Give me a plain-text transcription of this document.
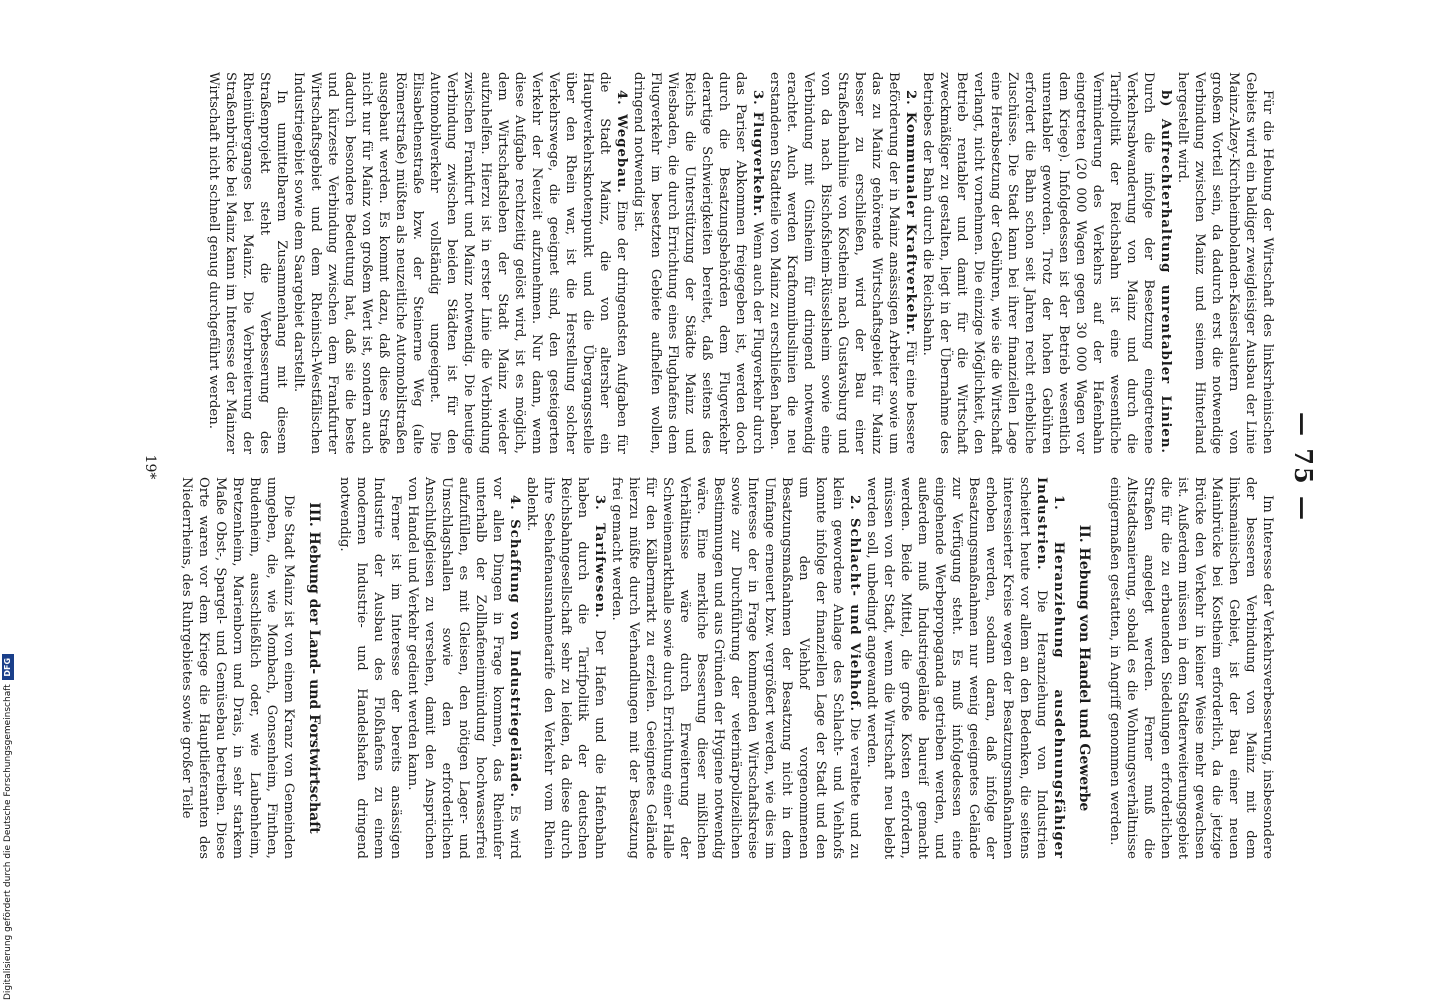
— 75 —

Für die Hebung der Wirtschaft des linksrheinischen Gebiets wird ein baldiger zweigleisiger Ausbau der Linie Mainz-Alzey-Kirchheimbolanden-Kaiserslautern von großem Vorteil sein, da dadurch erst die notwendige Verbindung zwischen Mainz und seinem Hinterland hergestellt wird.

b) Aufrechterhaltung unrentabler Linien. Durch die infolge der Besetzung eingetretene Verkehrsabwanderung von Mainz und durch die Tarifpolitik der Reichsbahn ist eine wesentliche Verminderung des Verkehrs auf der Hafenbahn eingetreten (20 000 Wagen gegen 30 000 Wagen vor dem Kriege). Infolgedessen ist der Betrieb wesentlich unrentabler geworden. Trotz der hohen Gebühren erfordert die Bahn schon seit Jahren recht erhebliche Zuschüsse. Die Stadt kann bei ihrer finanziellen Lage eine Herabsetzung der Gebühren, wie sie die Wirtschaft verlangt, nicht vornehmen. Die einzige Möglichkeit, den Betrieb rentabler und damit für die Wirtschaft zweckmäßiger zu gestalten, liegt in der Übernahme des Betriebes der Bahn durch die Reichsbahn.

2. Kommunaler Kraftverkehr. Für eine bessere Beförderung der in Mainz ansässigen Arbeiter sowie um das zu Mainz gehörende Wirtschaftsgebiet für Mainz besser zu erschließen, wird der Bau einer Straßenbahnlinie von Kostheim nach Gustavsburg und von da nach Bischofsheim-Rüsselsheim sowie eine Verbindung mit Ginsheim für dringend notwendig erachtet. Auch werden Kraftomnibuslinien die neu erstandenen Stadtteile von Mainz zu erschließen haben.

3. Flugverkehr. Wenn auch der Flugverkehr durch das Pariser Abkommen freigegeben ist, werden doch durch die Besatzungsbehörden dem Flugverkehr derartige Schwierigkeiten bereitet, daß seitens des Reichs die Unterstützung der Städte Mainz und Wiesbaden, die durch Errichtung eines Flughafens dem Flugverkehr im besetzten Gebiete aufhelfen wollen, dringend notwendig ist.

4. Wegebau. Eine der dringendsten Aufgaben für die Stadt Mainz, die von altersher ein Hauptverkehrsknotenpunkt und die Übergangsstelle über den Rhein war, ist die Herstellung solcher Verkehrswege, die geeignet sind, den gesteigerten Verkehr der Neuzeit aufzunehmen. Nur dann, wenn diese Aufgabe rechtzeitig gelöst wird, ist es möglich, dem Wirtschaftsleben der Stadt Mainz wieder aufzuhelfen. Hierzu ist in erster Linie die Verbindung zwischen Frankfurt und Mainz notwendig. Die heutige Verbindung zwischen beiden Städten ist für den Automobilverkehr vollständig ungeeignet. Die Elisabethenstraße bzw. der Steinerne Weg (alte Römerstraße) müßten als neuzeitliche Automobilstraßen ausgebaut werden. Es kommt dazu, daß diese Straße nicht nur für Mainz von großem Wert ist, sondern auch dadurch besondere Bedeutung hat, daß sie die beste und kürzeste Verbindung zwischen dem Frankfurter Wirtschaftsgebiet und dem Rheinisch-Westfälischen Industriegebiet sowie dem Saargebiet darstellt.

In unmittelbarem Zusammenhang mit diesem Straßenprojekt steht die Verbesserung des Rheinüberganges bei Mainz. Die Verbreiterung der Straßenbrücke bei Mainz kann im Interesse der Mainzer Wirtschaft nicht schnell genug durchgeführt werden.

Im Interesse der Verkehrsverbesserung, insbesondere der besseren Verbindung von Mainz mit dem linksmainischen Gebiet, ist der Bau einer neuen Mainbrücke bei Kostheim erforderlich, da die jetzige Brücke den Verkehr in keiner Weise mehr gewachsen ist. Außerdem müssen in dem Stadterweiterungsgebiet die für die zu erbauenden Siedelungen erforderlichen Straßen angelegt werden. Ferner muß die Altstadtsanierung, sobald es die Wohnungsverhältnisse einigermaßen gestatten, in Angriff genommen werden.

II. Hebung von Handel und Gewerbe

1. Heranziehung ausdehnungsfähiger Industrien. Die Heranziehung von Industrien scheitert heute vor allem an den Bedenken, die seitens interessierter Kreise wegen der Besatzungsmaßnahmen erhoben werden, sodann daran, daß infolge der Besatzungsmaßnahmen nur wenig geeignetes Gelände zur Verfügung steht. Es muß infolgedessen eine eingehende Werbepropaganda getrieben werden, und außerdem muß Industriegelände baureif gemacht werden. Beide Mittel, die große Kosten erfordern, müssen von der Stadt, wenn die Wirtschaft neu belebt werden soll, unbedingt angewandt werden.

2. Schlacht- und Viehhof. Die veraltete und zu klein gewordene Anlage des Schlacht- und Viehhofs konnte infolge der finanziellen Lage der Stadt und den um den Viehhof vorgenommenen Besatzungsmaßnahmen der Besatzung nicht in dem Umfange erneuert bzw. vergrößert werden, wie dies im Interesse der in Frage kommenden Wirtschaftskreise sowie zur Durchführung der veterinärpolizeilichen Bestimmungen und aus Gründen der Hygiene notwendig wäre. Eine merkliche Besserung dieser mißlichen Verhältnisse wäre durch Erweiterung der Schweinemarkthalle sowie durch Errichtung einer Halle für den Kälbermarkt zu erzielen. Geeignetes Gelände hierzu müßte durch Verhandlungen mit der Besatzung frei gemacht werden.

3. Tarifwesen. Der Hafen und die Hafenbahn haben durch die Tarifpolitik der deutschen Reichsbahngesellschaft sehr zu leiden, da diese durch ihre Seehafenausnahmetarife den Verkehr vom Rhein ablenkt.

4. Schaffung von Industriegelände. Es wird vor allen Dingen in Frage kommen, das Rheinufer unterhalb der Zollhafeneinmündung hochwasserfrei aufzufüllen, es mit Gleisen, den nötigen Lager- und Umschlagshallen sowie den erforderlichen Anschlußgleisen zu versehen, damit den Ansprüchen von Handel und Verkehr gedient werden kann.

Ferner ist im Interesse der bereits ansässigen Industrie der Ausbau des Floßhafens zu einem modernen Industrie- und Handelshafen dringend notwendig.

III. Hebung der Land- und Forstwirtschaft

Die Stadt Mainz ist von einem Kranz von Gemeinden umgeben, die, wie Mombach, Gonsenheim, Finthen, Budenheim, ausschließlich oder, wie Laubenheim, Bretzenheim, Marienborn und Drais, in sehr starkem Maße Obst-, Spargel- und Gemüsebau betreiben. Diese Orte waren vor dem Kriege die Hauptlieferanten des Niederrheins, des Ruhrgebietes sowie großer Teile

19*
Digitalisierung gefördert durch die Deutsche Forschungsgemeinschaft
DFG
